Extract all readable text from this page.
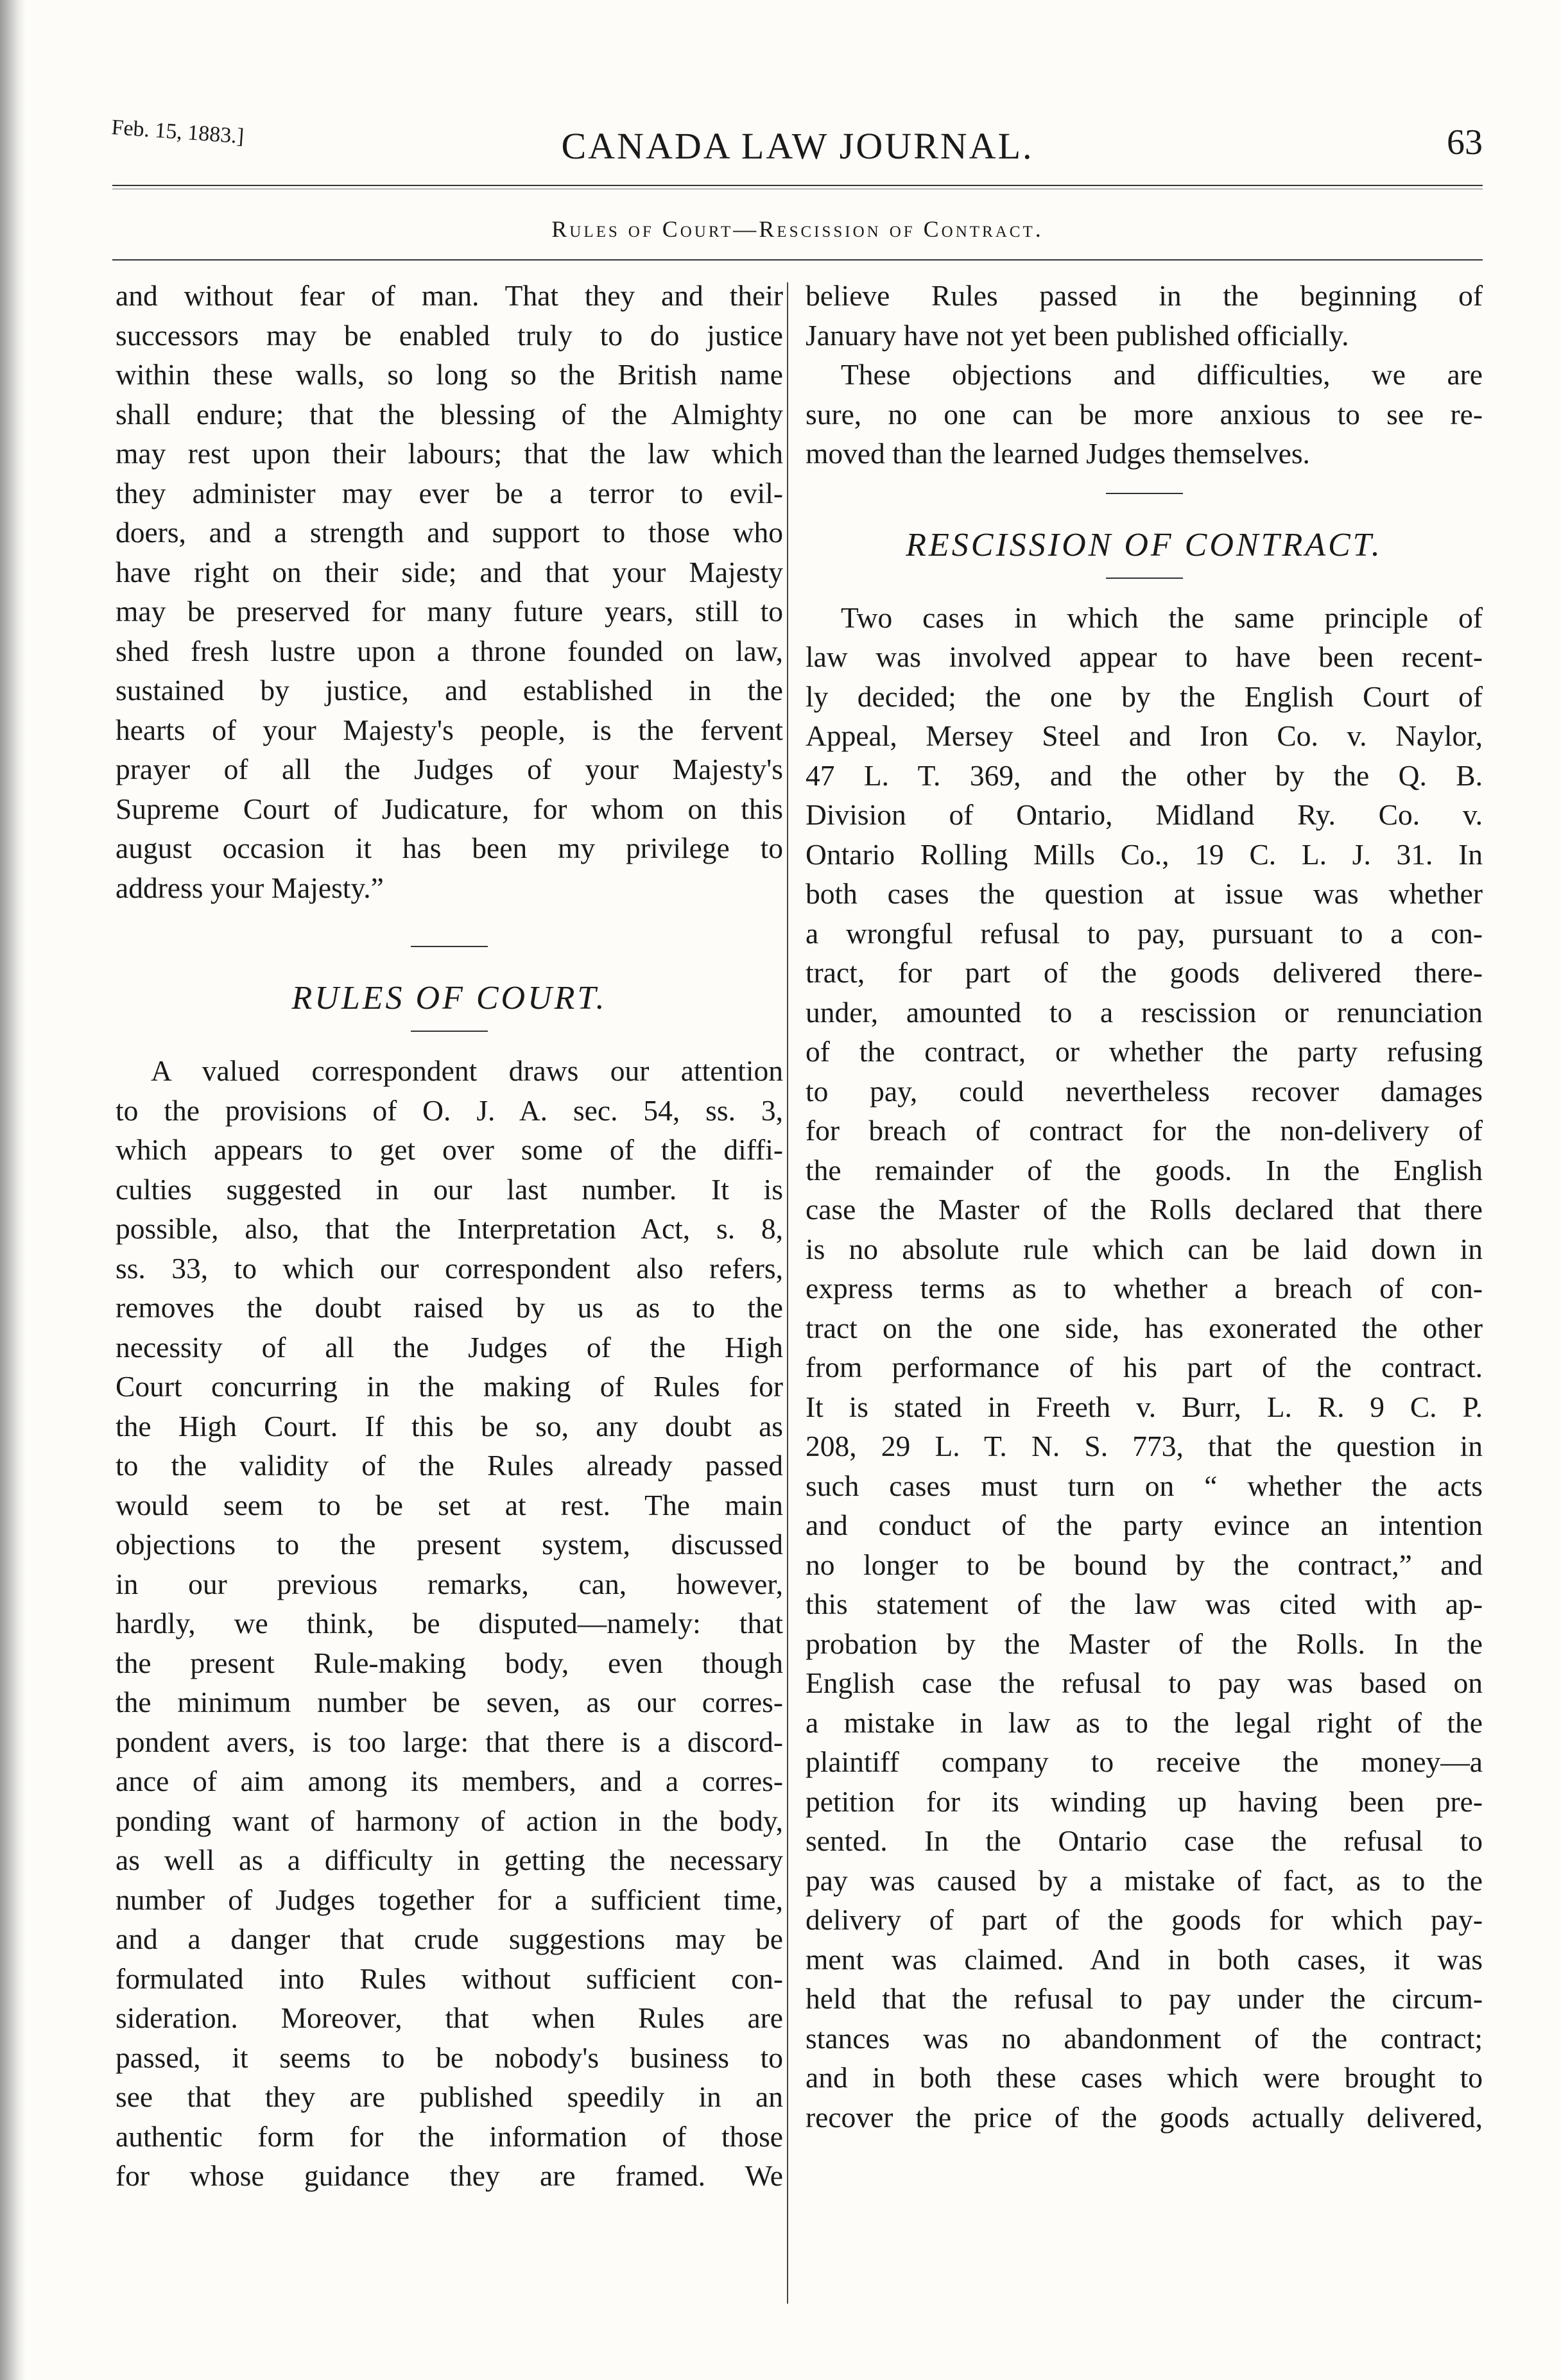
Feb. 15, 1883.]	CANADA LAW JOURNAL.	63
Rules of Court—Rescission of Contract.
and without fear of man. That they and their
successors may be enabled truly to do justice
within these walls, so long so the British name
shall endure; that the blessing of the Almighty
may rest upon their labours; that the law which
they administer may ever be a terror to evil-
doers, and a strength and support to those who
have right on their side; and that your Majesty
may be preserved for many future years, still to
shed fresh lustre upon a throne founded on law,
sustained by justice, and established in the
hearts of your Majesty's people, is the fervent
prayer of all the Judges of your Majesty's
Supreme Court of Judicature, for whom on this
august occasion it has been my privilege to
address your Majesty.”
RULES OF COURT.
A valued correspondent draws our attention
to the provisions of O. J. A. sec. 54, ss. 3,
which appears to get over some of the diffi-
culties suggested in our last number. It is
possible, also, that the Interpretation Act, s. 8,
ss. 33, to which our correspondent also refers,
removes the doubt raised by us as to the
necessity of all the Judges of the High
Court concurring in the making of Rules for
the High Court. If this be so, any doubt as
to the validity of the Rules already passed
would seem to be set at rest. The main
objections to the present system, discussed
in our previous remarks, can, however,
hardly, we think, be disputed—namely: that
the present Rule-making body, even though
the minimum number be seven, as our corres-
pondent avers, is too large: that there is a discord-
ance of aim among its members, and a corres-
ponding want of harmony of action in the body,
as well as a difficulty in getting the necessary
number of Judges together for a sufficient time,
and a danger that crude suggestions may be
formulated into Rules without sufficient con-
sideration. Moreover, that when Rules are
passed, it seems to be nobody's business to
see that they are published speedily in an
authentic form for the information of those
for whose guidance they are framed. We
believe Rules passed in the beginning of
January have not yet been published officially.
These objections and difficulties, we are
sure, no one can be more anxious to see re-
moved than the learned Judges themselves.
RESCISSION OF CONTRACT.
Two cases in which the same principle of
law was involved appear to have been recent-
ly decided; the one by the English Court of
Appeal, Mersey Steel and Iron Co. v. Naylor,
47 L. T. 369, and the other by the Q. B.
Division of Ontario, Midland Ry. Co. v.
Ontario Rolling Mills Co., 19 C. L. J. 31. In
both cases the question at issue was whether
a wrongful refusal to pay, pursuant to a con-
tract, for part of the goods delivered there-
under, amounted to a rescission or renunciation
of the contract, or whether the party refusing
to pay, could nevertheless recover damages
for breach of contract for the non-delivery of
the remainder of the goods. In the English
case the Master of the Rolls declared that there
is no absolute rule which can be laid down in
express terms as to whether a breach of con-
tract on the one side, has exonerated the other
from performance of his part of the contract.
It is stated in Freeth v. Burr, L. R. 9 C. P.
208, 29 L. T. N. S. 773, that the question in
such cases must turn on “ whether the acts
and conduct of the party evince an intention
no longer to be bound by the contract,” and
this statement of the law was cited with ap-
probation by the Master of the Rolls. In the
English case the refusal to pay was based on
a mistake in law as to the legal right of the
plaintiff company to receive the money—a
petition for its winding up having been pre-
sented. In the Ontario case the refusal to
pay was caused by a mistake of fact, as to the
delivery of part of the goods for which pay-
ment was claimed. And in both cases, it was
held that the refusal to pay under the circum-
stances was no abandonment of the contract;
and in both these cases which were brought to
recover the price of the goods actually delivered,
